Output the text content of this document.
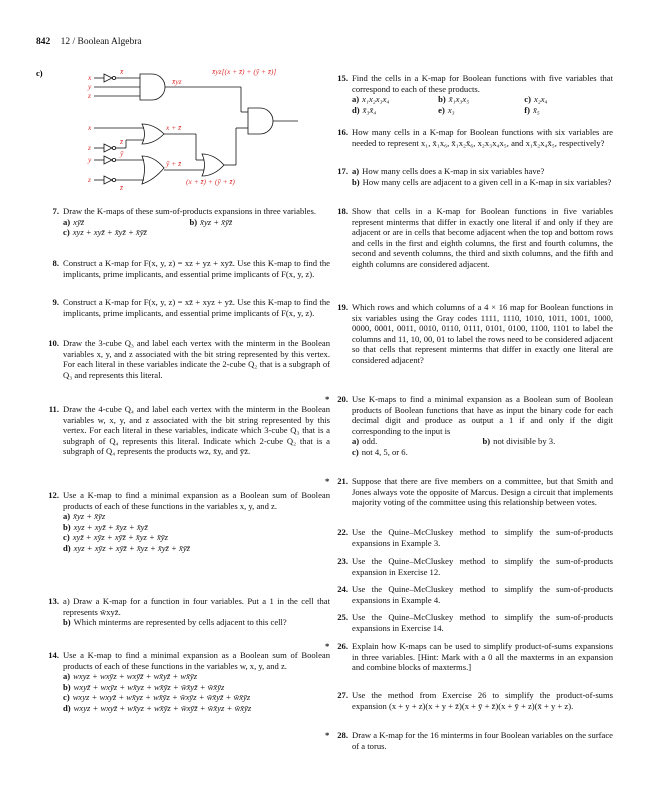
842 12 / Boolean Algebra
c)	x
y
z
x
z
y
z
x̄
z̄
ȳ
z̄
x̄yz
x̄yz[(x + z̄) + (ȳ + z̄)]
x + z̄
ȳ + z̄
(x + z̄) + (ȳ + z̄)
7. Draw the K-maps of these sum-of-products expansions in three variables.
a) xȳz̄	b) x̄yz + x̄ȳz̄
c) xyz + xyz̄ + x̄yz̄ + x̄ȳz̄
8. Construct a K-map for F(x, y, z) = xz + yz + xyz̄. Use this K-map to find the implicants, prime implicants, and essential prime implicants of F(x, y, z).
9. Construct a K-map for F(x, y, z) = xz̄ + xyz + yz̄. Use this K-map to find the implicants, prime implicants, and essential prime implicants of F(x, y, z).
10. Draw the 3-cube Q₃ and label each vertex with the minterm in the Boolean variables x, y, and z associated with the bit string represented by this vertex. For each literal in these variables indicate the 2-cube Q₂ that is a subgraph of Q₃ and represents this literal.
11. Draw the 4-cube Q₄ and label each vertex with the minterm in the Boolean variables w, x, y, and z associated with the bit string represented by this vertex. For each literal in these variables, indicate which 3-cube Q₃ that is a subgraph of Q₄ represents this literal. Indicate which 2-cube Q₂ that is a subgraph of Q₄ represents the products wz, x̄y, and ȳz̄.
12. Use a K-map to find a minimal expansion as a Boolean sum of Boolean products of each of these functions in the variables x, y, and z.
a) x̄yz + x̄ȳz
b) xyz + xyz̄ + x̄yz + x̄yz̄
c) xyz̄ + xȳz + xȳz̄ + x̄yz + x̄ȳz
d) xyz + xȳz + xȳz̄ + x̄yz + x̄yz̄ + x̄ȳz̄
13. a) Draw a K-map for a function in four variables. Put a 1 in the cell that represents w̄xyz̄.
b) Which minterms are represented by cells adjacent to this cell?
14. Use a K-map to find a minimal expansion as a Boolean sum of Boolean products of each of these functions in the variables w, x, y, and z.
a) wxyz + wxȳz + wxȳz̄ + wx̄yz̄ + wx̄ȳz
b) wxyz̄ + wxȳz + wx̄yz + wx̄ȳz + w̄x̄yz̄ + w̄x̄ȳz
c) wxyz + wxyz̄ + wx̄yz + wx̄ȳz + w̄xȳz + w̄x̄yz̄ + w̄x̄ȳz
d) wxyz + wxyz̄ + wx̄yz + wx̄ȳz + w̄xȳz̄ + w̄x̄yz + w̄x̄ȳz
15. Find the cells in a K-map for Boolean functions with five variables that correspond to each of these products.
a) x₁x₂x₃x₄	b) x̄₁x₃x₅	c) x₂x₄
d) x̄₃x̄₄	e) x₃	f) x̄₅
16. How many cells in a K-map for Boolean functions with six variables are needed to represent x₁, x̄₁x₆, x̄₁x₂x̄₆, x₂x₃x₄x₅, and x₁x̄₂x₄x̄₅, respectively?
17. a) How many cells does a K-map in six variables have?
b) How many cells are adjacent to a given cell in a K-map in six variables?
18. Show that cells in a K-map for Boolean functions in five variables represent minterms that differ in exactly one literal if and only if they are adjacent or are in cells that become adjacent when the top and bottom rows and cells in the first and eighth columns, the first and fourth columns, the second and seventh columns, the third and sixth columns, and the fifth and eighth columns are considered adjacent.
19. Which rows and which columns of a 4 × 16 map for Boolean functions in six variables using the Gray codes 1111, 1110, 1010, 1011, 1001, 1000, 0000, 0001, 0011, 0010, 0110, 0111, 0101, 0100, 1100, 1101 to label the columns and 11, 10, 00, 01 to label the rows need to be considered adjacent so that cells that represent minterms that differ in exactly one literal are considered adjacent?
* 20. Use K-maps to find a minimal expansion as a Boolean sum of Boolean products of Boolean functions that have as input the binary code for each decimal digit and produce as output a 1 if and only if the digit corresponding to the input is
a) odd.	b) not divisible by 3.
c) not 4, 5, or 6.
* 21. Suppose that there are five members on a committee, but that Smith and Jones always vote the opposite of Marcus. Design a circuit that implements majority voting of the committee using this relationship between votes.
22. Use the Quine–McCluskey method to simplify the sum-of-products expansions in Example 3.
23. Use the Quine–McCluskey method to simplify the sum-of-products expansion in Exercise 12.
24. Use the Quine–McCluskey method to simplify the sum-of-products expansions in Example 4.
25. Use the Quine–McCluskey method to simplify the sum-of-products expansions in Exercise 14.
* 26. Explain how K-maps can be used to simplify product-of-sums expansions in three variables. [Hint: Mark with a 0 all the maxterms in an expansion and combine blocks of maxterms.]
27. Use the method from Exercise 26 to simplify the product-of-sums expansion (x + y + z)(x + y + z̄)(x + ȳ + z̄)(x + ȳ + z)(x̄ + y + z).
* 28. Draw a K-map for the 16 minterms in four Boolean variables on the surface of a torus.
